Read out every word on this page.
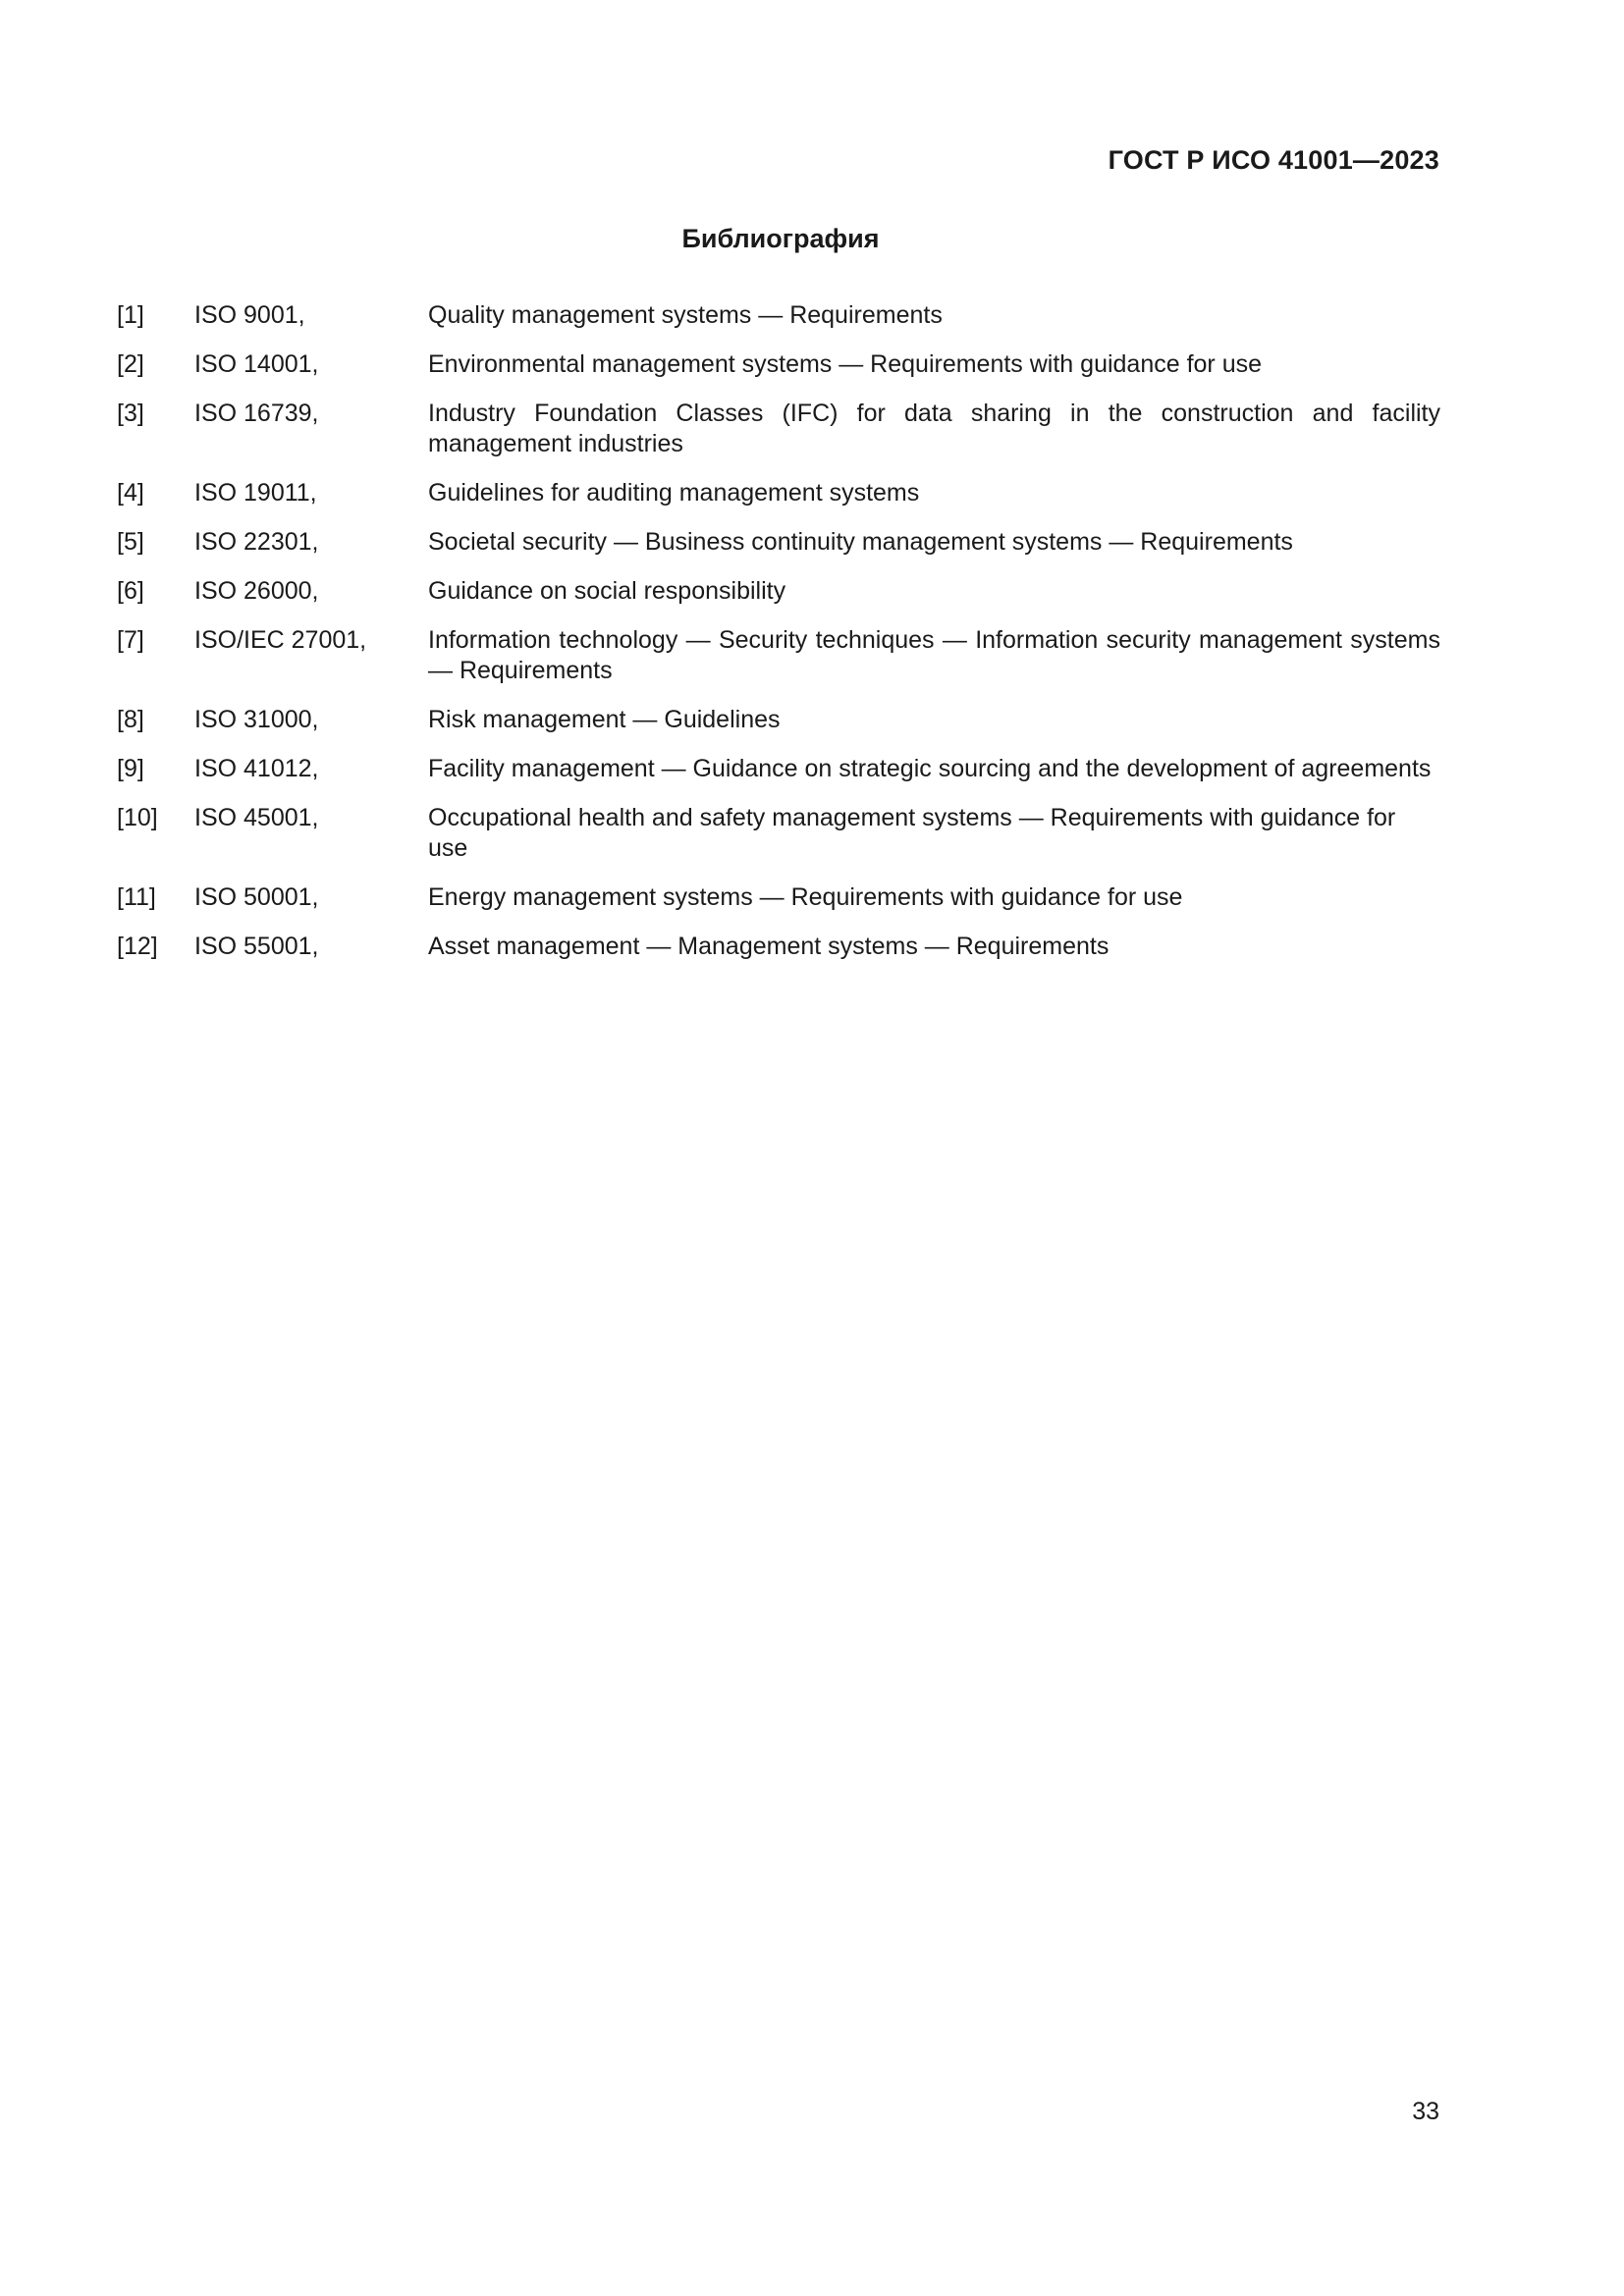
ГОСТ Р ИСО 41001—2023
Библиография
[1]	ISO 9001,	Quality management systems — Requirements
[2]	ISO 14001,	Environmental management systems — Requirements with guidance for use
[3]	ISO 16739,	Industry Foundation Classes (IFC) for data sharing in the construction and facility management industries
[4]	ISO 19011,	Guidelines for auditing management systems
[5]	ISO 22301,	Societal security — Business continuity management systems — Requirements
[6]	ISO 26000,	Guidance on social responsibility
[7]	ISO/IEC 27001,	Information technology — Security techniques — Information security management systems — Requirements
[8]	ISO 31000,	Risk management — Guidelines
[9]	ISO 41012,	Facility management — Guidance on strategic sourcing and the development of agreements
[10]	ISO 45001,	Occupational health and safety management systems — Requirements with guidance for use
[11]	ISO 50001,	Energy management systems — Requirements with guidance for use
[12]	ISO 55001,	Asset management — Management systems — Requirements
33
